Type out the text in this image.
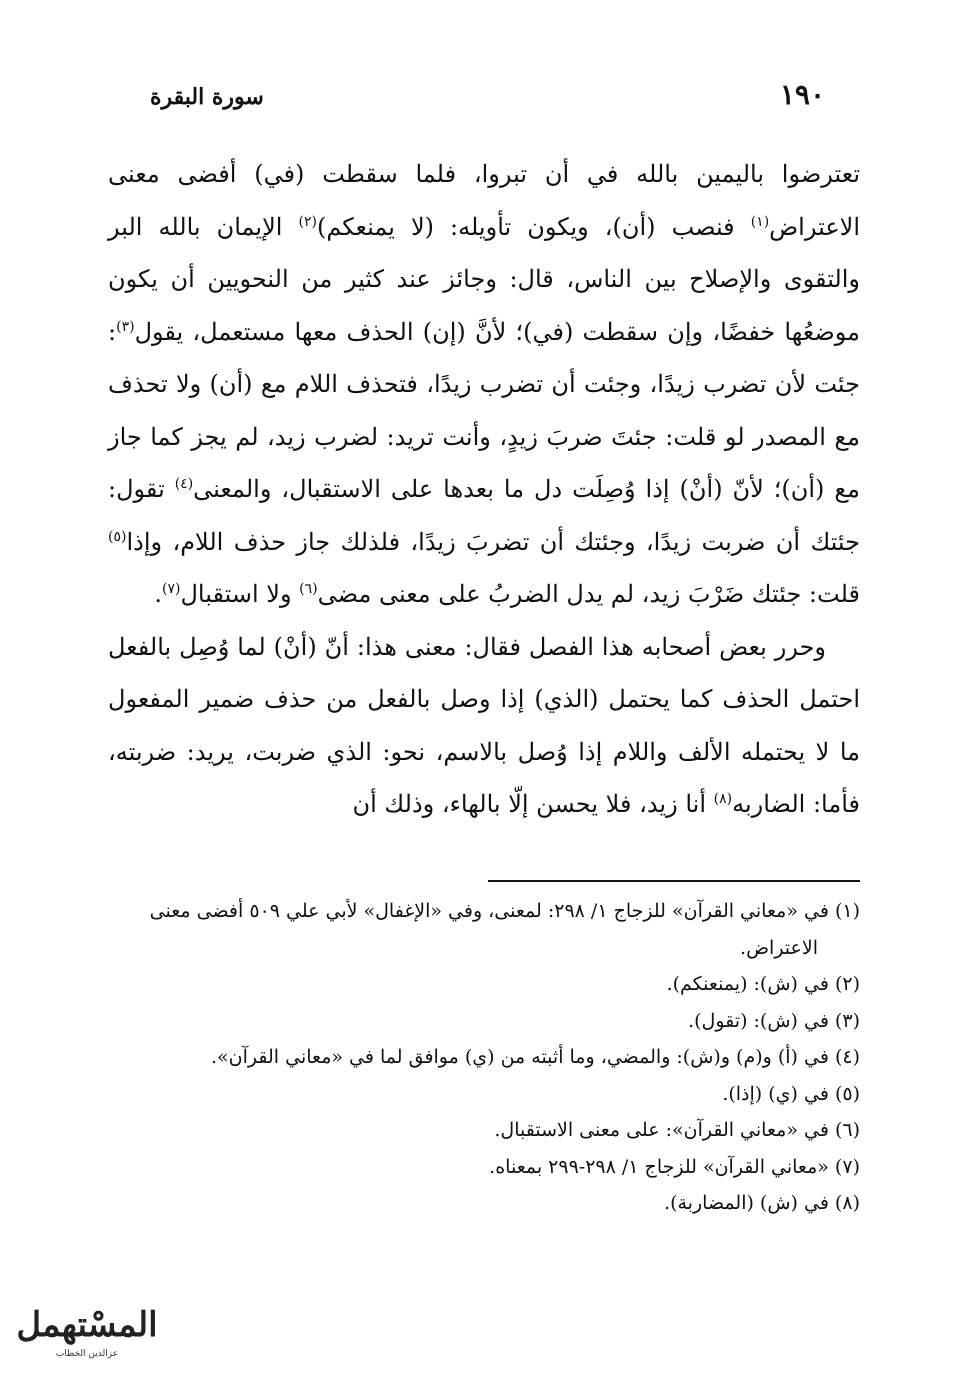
سورة البقرة	١٩٠

تعترضوا باليمين بالله في أن تبروا، فلما سقطت (في) أفضى معنى الاعتراض$^{(١)}$ فنصب (أن)، ويكون تأويله: (لا يمنعكم)$^{(٢)}$ الإيمان بالله البر والتقوى والإصلاح بين الناس، قال: وجائز عند كثير من النحويين أن يكون موضعُها خفضًا، وإن سقطت (في)؛ لأنَّ (إن) الحذف معها مستعمل، يقول$^{(٣)}$: جئت لأن تضرب زيدًا، وجئت أن تضرب زيدًا، فتحذف اللام مع (أن) ولا تحذف مع المصدر لو قلت: جئتَ ضربَ زيدٍ، وأنت تريد: لضرب زيد، لم يجز كما جاز مع (أن)؛ لأنّ (أنْ) إذا وُصِلَت دل ما بعدها على الاستقبال، والمعنى$^{(٤)}$ تقول: جئتك أن ضربت زيدًا، وجئتك أن تضربَ زيدًا، فلذلك جاز حذف اللام، وإذا$^{(٥)}$ قلت: جئتك ضَرْبَ زيد، لم يدل الضربُ على معنى مضى$^{(٦)}$ ولا استقبال$^{(٧)}$.

وحرر بعض أصحابه هذا الفصل فقال: معنى هذا: أنّ (أنْ) لما وُصِل بالفعل احتمل الحذف كما يحتمل (الذي) إذا وصل بالفعل من حذف ضمير المفعول ما لا يحتمله الألف واللام إذا وُصل بالاسم، نحو: الذي ضربت، يريد: ضربته، فأما: الضاربه$^{(٨)}$ أنا زيد، فلا يحسن إلّا بالهاء، وذلك أن

(١) في «معاني القرآن» للزجاج ١/ ٢٩٨: لمعنى، وفي «الإغفال» لأبي علي ٥٠٩ أفضى معنى الاعتراض.

(٢) في (ش): (يمنعنكم).

(٣) في (ش): (تقول).

(٤) في (أ) و(م) و(ش): والمضي، وما أثبته من (ي) موافق لما في «معاني القرآن».

(٥) في (ي) (إذا).

(٦) في «معاني القرآن»: على معنى الاستقبال.

(٧) «معاني القرآن» للزجاج ١/ ٢٩٨-٢٩٩ بمعناه.

(٨) في (ش) (المضاربة).

المسْتهمل
عزالدين الخطاب
